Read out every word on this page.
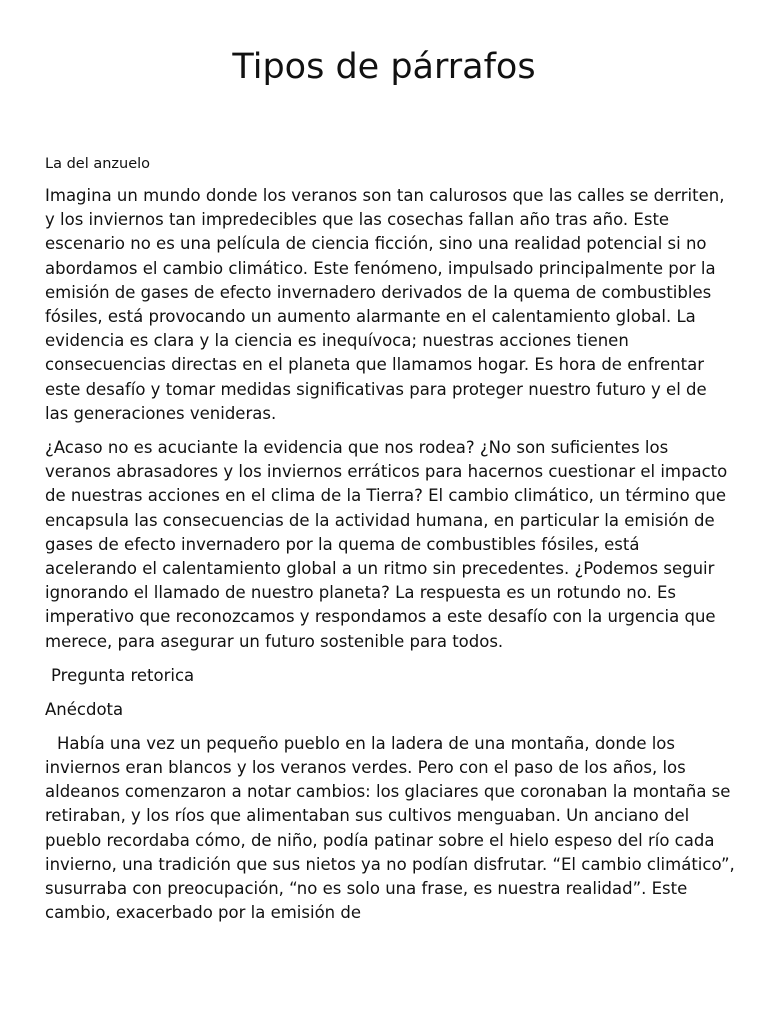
Tipos de párrafos

La del anzuelo

Imagina un mundo donde los veranos son tan calurosos que las calles se derriten, y los inviernos tan impredecibles que las cosechas fallan año tras año. Este escenario no es una película de ciencia ficción, sino una realidad potencial si no abordamos el cambio climático. Este fenómeno, impulsado principalmente por la emisión de gases de efecto invernadero derivados de la quema de combustibles fósiles, está provocando un aumento alarmante en el calentamiento global. La evidencia es clara y la ciencia es inequívoca; nuestras acciones tienen consecuencias directas en el planeta que llamamos hogar. Es hora de enfrentar este desafío y tomar medidas significativas para proteger nuestro futuro y el de las generaciones venideras.

¿Acaso no es acuciante la evidencia que nos rodea? ¿No son suficientes los veranos abrasadores y los inviernos erráticos para hacernos cuestionar el impacto de nuestras acciones en el clima de la Tierra? El cambio climático, un término que encapsula las consecuencias de la actividad humana, en particular la emisión de gases de efecto invernadero por la quema de combustibles fósiles, está acelerando el calentamiento global a un ritmo sin precedentes. ¿Podemos seguir ignorando el llamado de nuestro planeta? La respuesta es un rotundo no. Es imperativo que reconozcamos y respondamos a este desafío con la urgencia que merece, para asegurar un futuro sostenible para todos.

Pregunta retorica

Anécdota

Había una vez un pequeño pueblo en la ladera de una montaña, donde los inviernos eran blancos y los veranos verdes. Pero con el paso de los años, los aldeanos comenzaron a notar cambios: los glaciares que coronaban la montaña se retiraban, y los ríos que alimentaban sus cultivos menguaban. Un anciano del pueblo recordaba cómo, de niño, podía patinar sobre el hielo espeso del río cada invierno, una tradición que sus nietos ya no podían disfrutar. “El cambio climático”, susurraba con preocupación, “no es solo una frase, es nuestra realidad”. Este cambio, exacerbado por la emisión de
